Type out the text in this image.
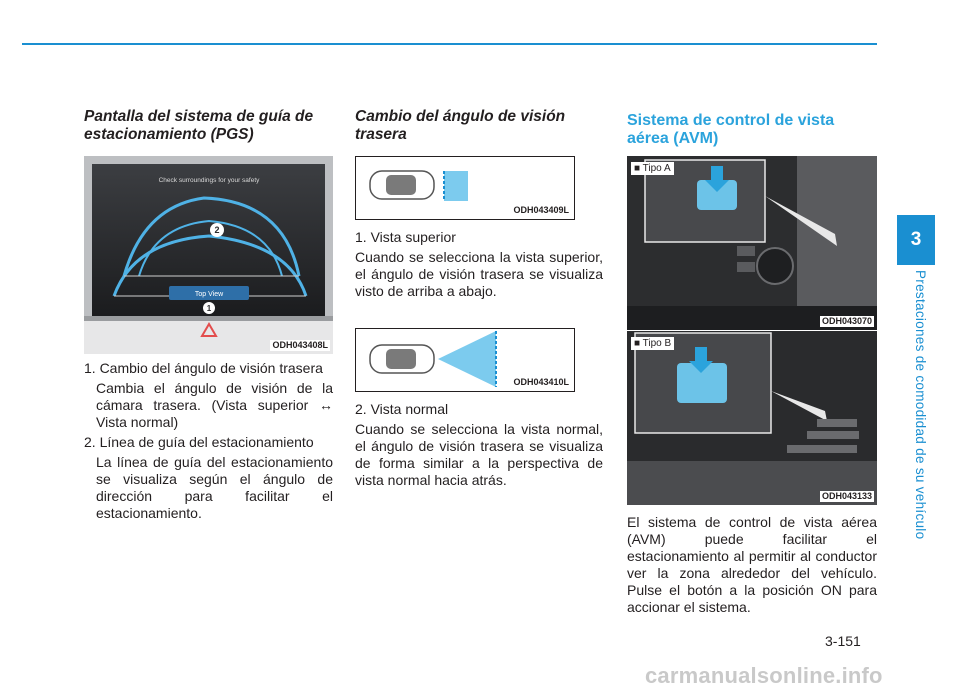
Pantalla del sistema de guía de estacionamiento (PGS)
Check surroundings for your safety
Top View
2
1
ODH043408L
1. Cambio del ángulo de visión trasera

Cambia el ángulo de visión de la cámara trasera. (Vista superior ↔ Vista normal)

2. Línea de guía del estacionamiento

La línea de guía del estacionamiento se visualiza según el ángulo de dirección para facilitar el estacionamiento.

Cambio del ángulo de visión trasera
ODH043409L
1. Vista superior

Cuando se selecciona la vista superior, el ángulo de visión trasera se visualiza visto de arriba a abajo.

ODH043410L
2. Vista normal

Cuando se selecciona la vista normal, el ángulo de visión trasera se visualiza de forma similar a la perspectiva de vista normal hacia atrás.

Sistema de control de vista aérea (AVM)
■ Tipo A
ODH043070
■ Tipo B
ODH043133

El sistema de control de vista aérea (AVM) puede facilitar el estacionamiento al permitir al conductor ver la zona alrededor del vehículo. Pulse el botón a la posición ON para accionar el sistema.

3
Prestaciones de comodidad de su vehículo
3-151
carmanualsonline.info
